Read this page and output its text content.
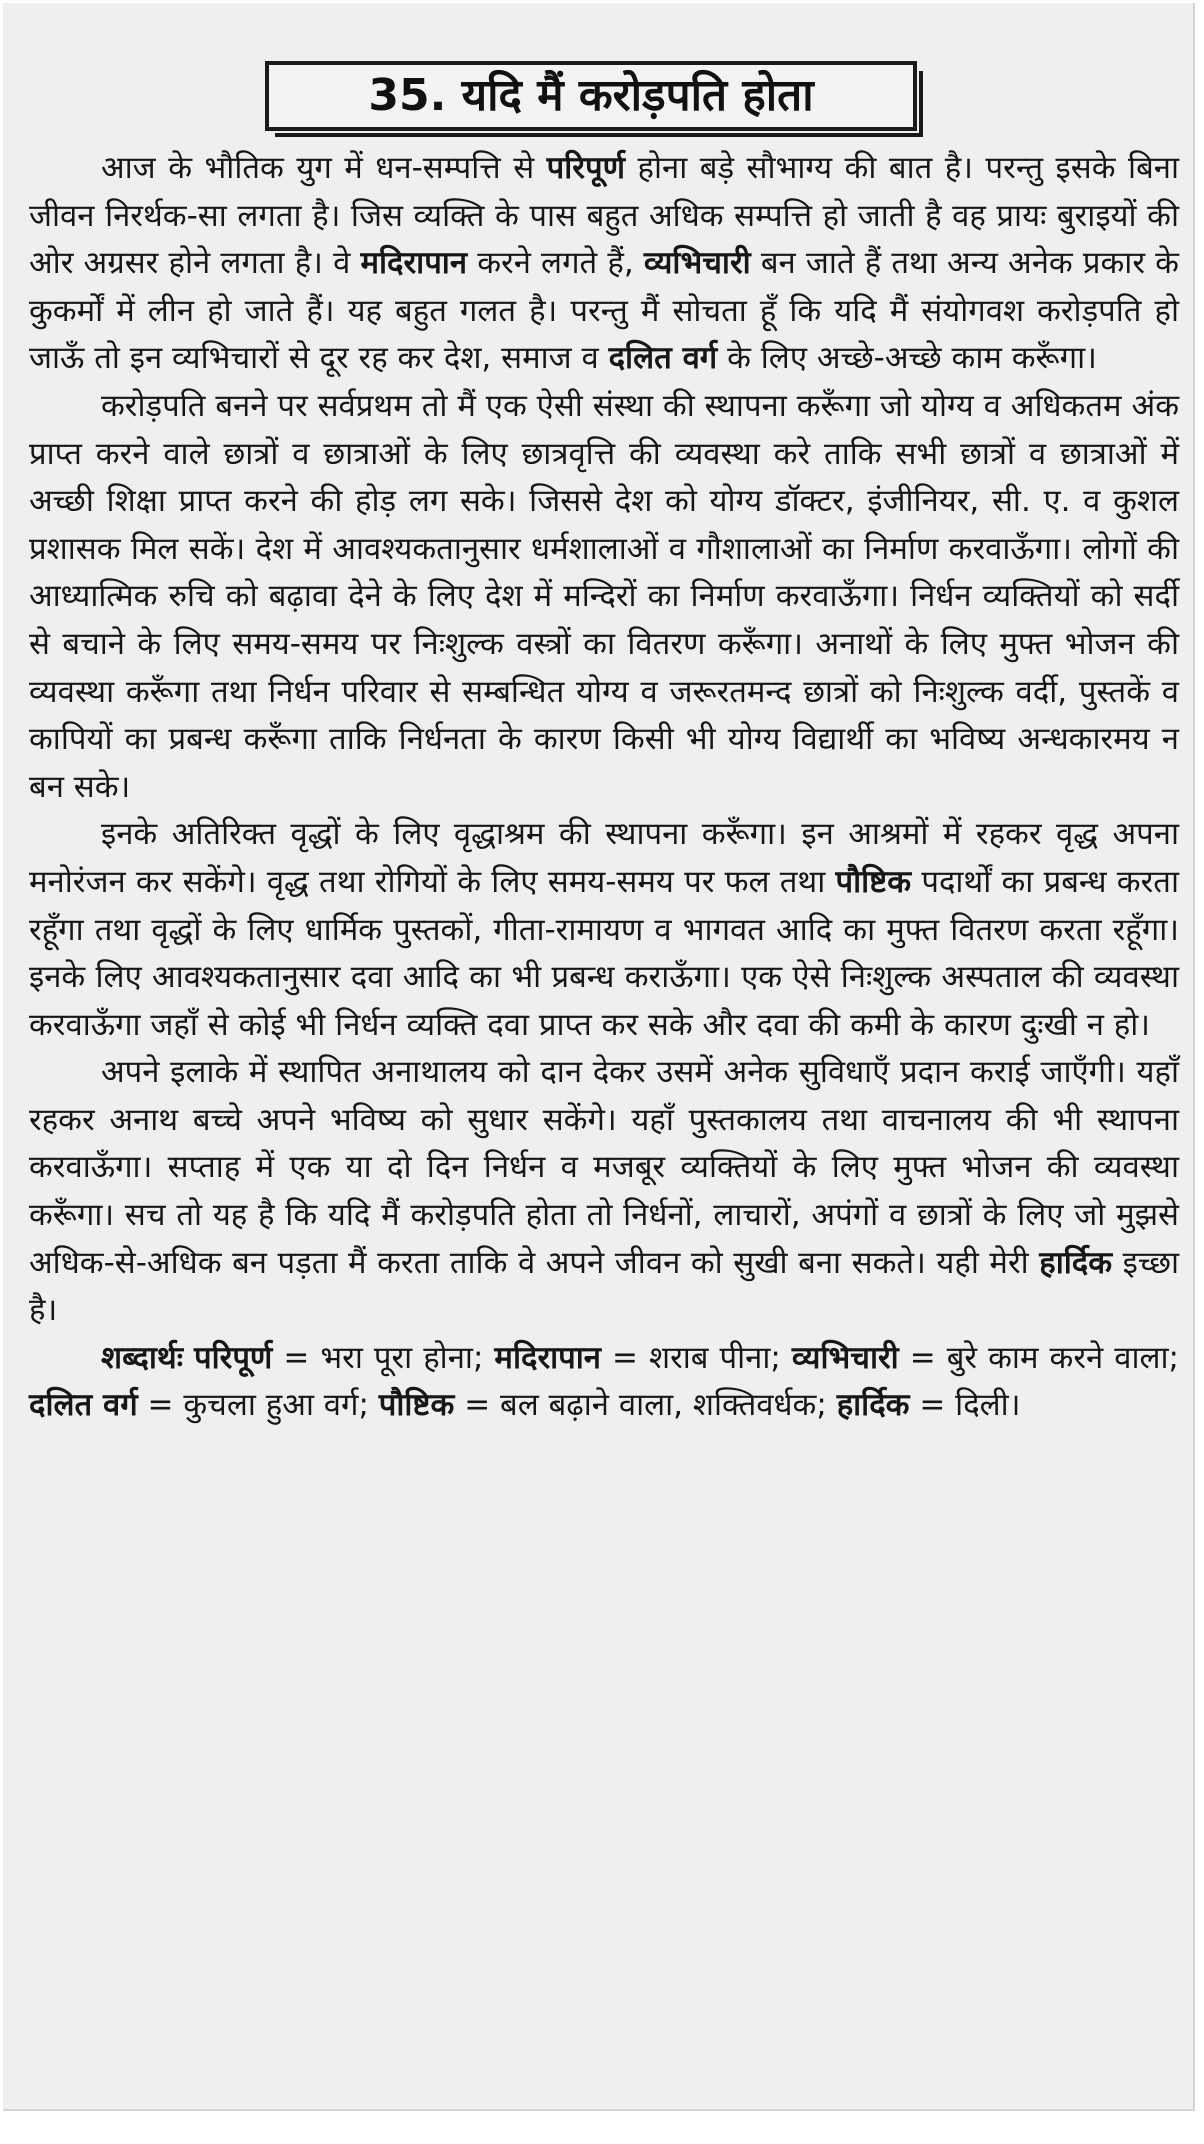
35. यदि मैं करोड़पति होता

आज के भौतिक युग में धन-सम्पत्ति से परिपूर्ण होना बड़े सौभाग्य की बात है। परन्तु इसके बिना जीवन निरर्थक-सा लगता है। जिस व्यक्ति के पास बहुत अधिक सम्पत्ति हो जाती है वह प्रायः बुराइयों की ओर अग्रसर होने लगता है। वे मदिरापान करने लगते हैं, व्यभिचारी बन जाते हैं तथा अन्य अनेक प्रकार के कुकर्मों में लीन हो जाते हैं। यह बहुत गलत है। परन्तु मैं सोचता हूँ कि यदि मैं संयोगवश करोड़पति हो जाऊँ तो इन व्यभिचारों से दूर रह कर देश, समाज व दलित वर्ग के लिए अच्छे-अच्छे काम करूँगा।

करोड़पति बनने पर सर्वप्रथम तो मैं एक ऐसी संस्था की स्थापना करूँगा जो योग्य व अधिकतम अंक प्राप्त करने वाले छात्रों व छात्राओं के लिए छात्रवृत्ति की व्यवस्था करे ताकि सभी छात्रों व छात्राओं में अच्छी शिक्षा प्राप्त करने की होड़ लग सके। जिससे देश को योग्य डॉक्टर, इंजीनियर, सी. ए. व कुशल प्रशासक मिल सकें। देश में आवश्यकतानुसार धर्मशालाओं व गौशालाओं का निर्माण करवाऊँगा। लोगों की आध्यात्मिक रुचि को बढ़ावा देने के लिए देश में मन्दिरों का निर्माण करवाऊँगा। निर्धन व्यक्तियों को सर्दी से बचाने के लिए समय-समय पर निःशुल्क वस्त्रों का वितरण करूँगा। अनाथों के लिए मुफ्त भोजन की व्यवस्था करूँगा तथा निर्धन परिवार से सम्बन्धित योग्य व जरूरतमन्द छात्रों को निःशुल्क वर्दी, पुस्तकें व कापियों का प्रबन्ध करूँगा ताकि निर्धनता के कारण किसी भी योग्य विद्यार्थी का भविष्य अन्धकारमय न बन सके।

इनके अतिरिक्त वृद्धों के लिए वृद्धाश्रम की स्थापना करूँगा। इन आश्रमों में रहकर वृद्ध अपना मनोरंजन कर सकेंगे। वृद्ध तथा रोगियों के लिए समय-समय पर फल तथा पौष्टिक पदार्थों का प्रबन्ध करता रहूँगा तथा वृद्धों के लिए धार्मिक पुस्तकों, गीता-रामायण व भागवत आदि का मुफ्त वितरण करता रहूँगा। इनके लिए आवश्यकतानुसार दवा आदि का भी प्रबन्ध कराऊँगा। एक ऐसे निःशुल्क अस्पताल की व्यवस्था करवाऊँगा जहाँ से कोई भी निर्धन व्यक्ति दवा प्राप्त कर सके और दवा की कमी के कारण दुःखी न हो।

अपने इलाके में स्थापित अनाथालय को दान देकर उसमें अनेक सुविधाएँ प्रदान कराई जाएँगी। यहाँ रहकर अनाथ बच्चे अपने भविष्य को सुधार सकेंगे। यहाँ पुस्तकालय तथा वाचनालय की भी स्थापना करवाऊँगा। सप्ताह में एक या दो दिन निर्धन व मजबूर व्यक्तियों के लिए मुफ्त भोजन की व्यवस्था करूँगा। सच तो यह है कि यदि मैं करोड़पति होता तो निर्धनों, लाचारों, अपंगों व छात्रों के लिए जो मुझसे अधिक-से-अधिक बन पड़ता मैं करता ताकि वे अपने जीवन को सुखी बना सकते। यही मेरी हार्दिक इच्छा है।

शब्दार्थः परिपूर्ण = भरा पूरा होना; मदिरापान = शराब पीना; व्यभिचारी = बुरे काम करने वाला; दलित वर्ग = कुचला हुआ वर्ग; पौष्टिक = बल बढ़ाने वाला, शक्तिवर्धक; हार्दिक = दिली।
